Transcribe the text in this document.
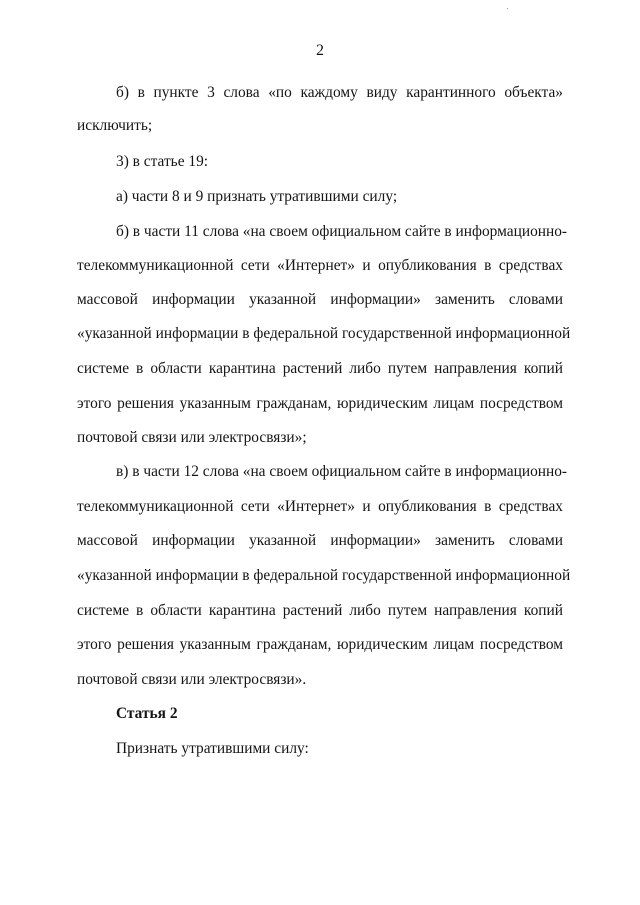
2
б) в пункте 3 слова «по каждому виду карантинного объекта»
исключить;
3) в статье 19:
а) части 8 и 9 признать утратившими силу;
б) в части 11 слова «на своем официальном сайте в информационно-
телекоммуникационной сети «Интернет» и опубликования в средствах
массовой информации указанной информации» заменить словами
«указанной информации в федеральной государственной информационной
системе в области карантина растений либо путем направления копий
этого решения указанным гражданам, юридическим лицам посредством
почтовой связи или электросвязи»;
в) в части 12 слова «на своем официальном сайте в информационно-
телекоммуникационной сети «Интернет» и опубликования в средствах
массовой информации указанной информации» заменить словами
«указанной информации в федеральной государственной информационной
системе в области карантина растений либо путем направления копий
этого решения указанным гражданам, юридическим лицам посредством
почтовой связи или электросвязи».
Статья 2
Признать утратившими силу:
